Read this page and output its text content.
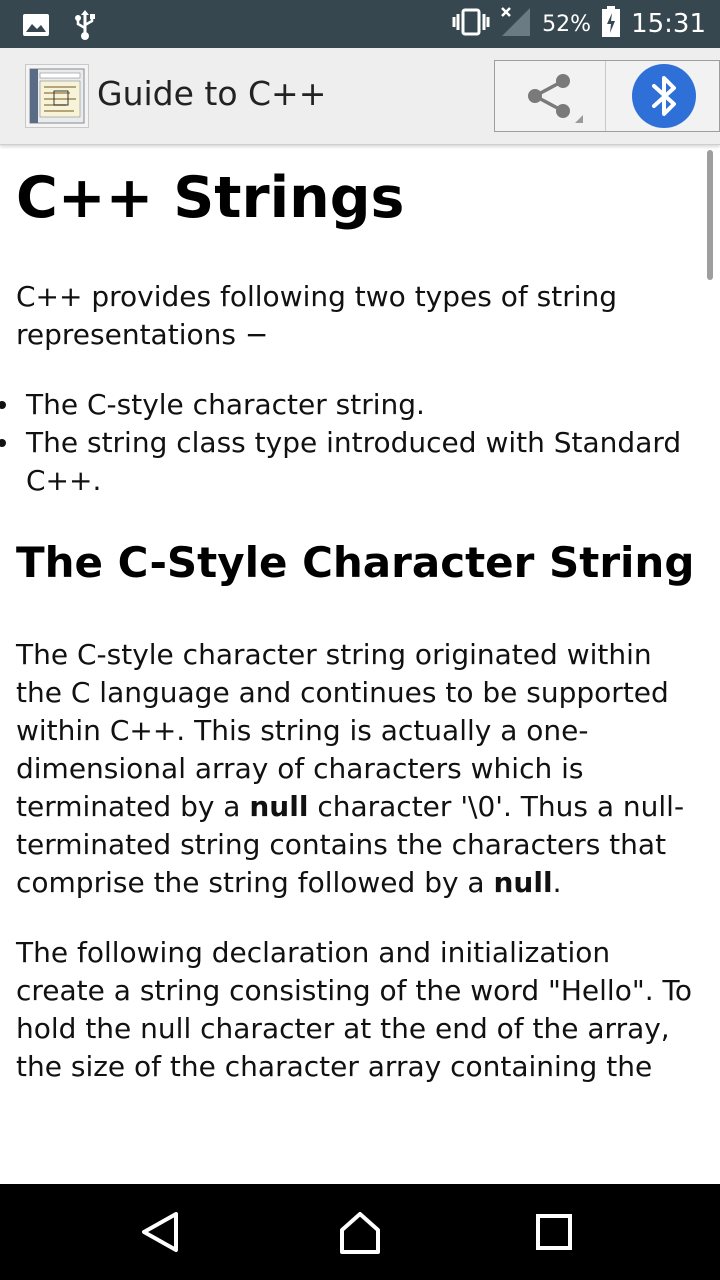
52% 15:31
Guide to C++
C++ Strings

C++ provides following two types of string representations −

The C-style character string.
The string class type introduced with Standard C++.
The C-Style Character String

The C-style character string originated within the C language and continues to be supported within C++. This string is actually a one-dimensional array of characters which is terminated by a null character '\0'. Thus a null-terminated string contains the characters that comprise the string followed by a null.

The following declaration and initialization create a string consisting of the word "Hello". To hold the null character at the end of the array, the size of the character array containing the
